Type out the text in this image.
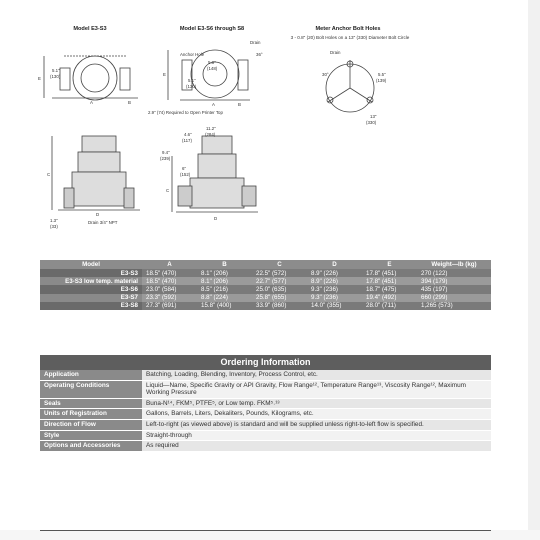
Model E3-S3	Model E3-S6 through S8	Meter Anchor Bolt Holes
3 - 0.8" (20) Bolt Holes on a 13" (330) Diameter Bolt Circle
5.1"
(130)
E
A	B
Drain
Anchor Hole	36°
5.8"
(148)
5.1"
(130)
E
A	B
Drain
30°	5.5"
(139)
13"
(330)
C
D
1.3"
(33)
Drain 3/4" NPT
2.9" (74) Required to Open Printer Top
4.6"
(117)
11.2"
(284)
9.4"
(239)
6"
(152)
C
D
Model	A	B	C	D	E	Weight—lb (kg)
E3-S3	18.5" (470)	8.1" (206)	22.5" (572)	8.9" (226)	17.8" (451)	270 (122)
E3-S3 low temp. material	18.5" (470)	8.1" (206)	22.7" (577)	8.9" (226)	17.8" (451)	394 (179)
E3-S6	23.0" (584)	8.5" (216)	25.0" (635)	9.3" (236)	18.7" (475)	435 (197)
E3-S7	23.3" (592)	8.8" (224)	25.8" (655)	9.3" (236)	19.4" (492)	660 (299)
E3-S8	27.3" (691)	15.8" (400)	33.9" (860)	14.0" (355)	28.0" (711)	1,265 (573)
Ordering Information
Application	Batching, Loading, Blending, Inventory, Process Control, etc.
Operating Conditions	Liquid—Name, Specific Gravity or API Gravity, Flow Range¹², Temperature Range¹³, Viscosity Range¹², Maximum Working Pressure
Seals	Buna-N¹⁴, FKM⁵, PTFE⁵, or Low temp. FKM⁵˒¹³
Units of Registration	Gallons, Barrels, Liters, Dekaliters, Pounds, Kilograms, etc.
Direction of Flow	Left-to-right (as viewed above) is standard and will be supplied unless right-to-left flow is specified.
Style	Straight-through
Options and Accessories	As required
